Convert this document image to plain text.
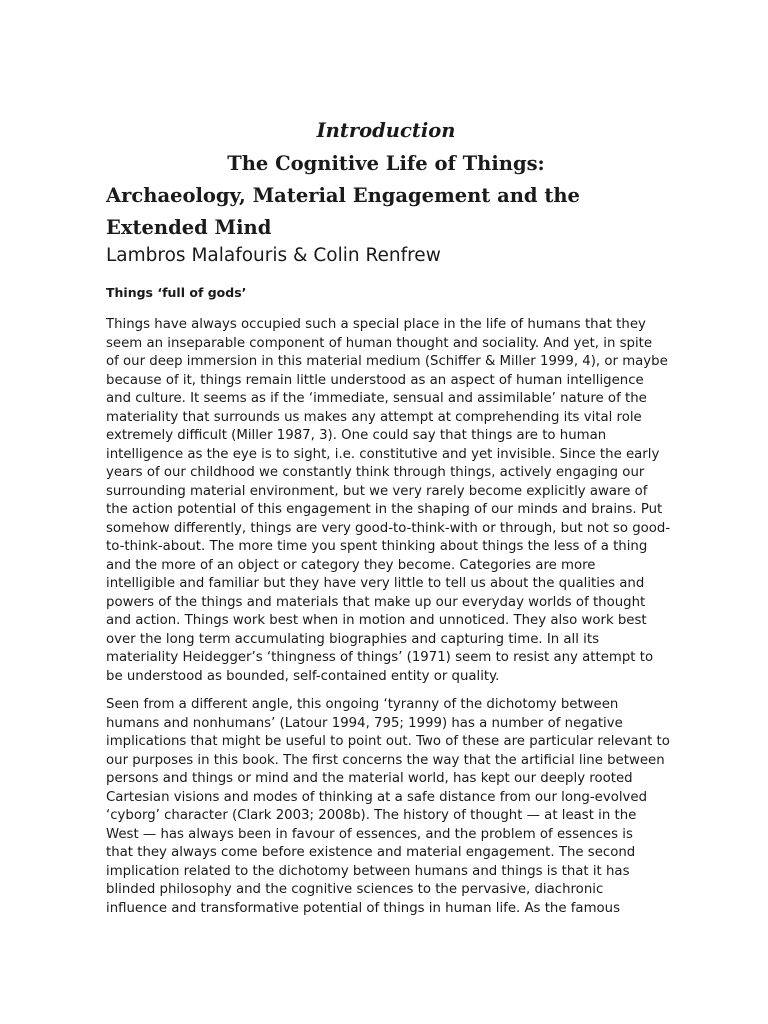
Introduction
The Cognitive Life of Things:
Archaeology, Material Engagement and the Extended Mind
Lambros Malafouris & Colin Renfrew
Things ‘full of gods’

Things have always occupied such a special place in the life of humans that they
seem an inseparable component of human thought and sociality. And yet, in spite
of our deep immersion in this material medium (Schiffer & Miller 1999, 4), or maybe
because of it, things remain little understood as an aspect of human intelligence
and culture. It seems as if the ‘immediate, sensual and assimilable’ nature of the
materiality that surrounds us makes any attempt at comprehending its vital role
extremely difficult (Miller 1987, 3). One could say that things are to human
intelligence as the eye is to sight, i.e. constitutive and yet invisible. Since the early
years of our childhood we constantly think through things, actively engaging our
surrounding material environment, but we very rarely become explicitly aware of
the action potential of this engagement in the shaping of our minds and brains. Put
somehow differently, things are very good-to-think-with or through, but not so good-
to-think-about. The more time you spent thinking about things the less of a thing
and the more of an object or category they become. Categories are more
intelligible and familiar but they have very little to tell us about the qualities and
powers of the things and materials that make up our everyday worlds of thought
and action. Things work best when in motion and unnoticed. They also work best
over the long term accumulating biographies and capturing time. In all its
materiality Heidegger’s ‘thingness of things’ (1971) seem to resist any attempt to
be understood as bounded, self-contained entity or quality.

Seen from a different angle, this ongoing ‘tyranny of the dichotomy between
humans and nonhumans’ (Latour 1994, 795; 1999) has a number of negative
implications that might be useful to point out. Two of these are particular relevant to
our purposes in this book. The first concerns the way that the artificial line between
persons and things or mind and the material world, has kept our deeply rooted
Cartesian visions and modes of thinking at a safe distance from our long-evolved
‘cyborg’ character (Clark 2003; 2008b). The history of thought — at least in the
West — has always been in favour of essences, and the problem of essences is
that they always come before existence and material engagement. The second
implication related to the dichotomy between humans and things is that it has
blinded philosophy and the cognitive sciences to the pervasive, diachronic
influence and transformative potential of things in human life. As the famous
